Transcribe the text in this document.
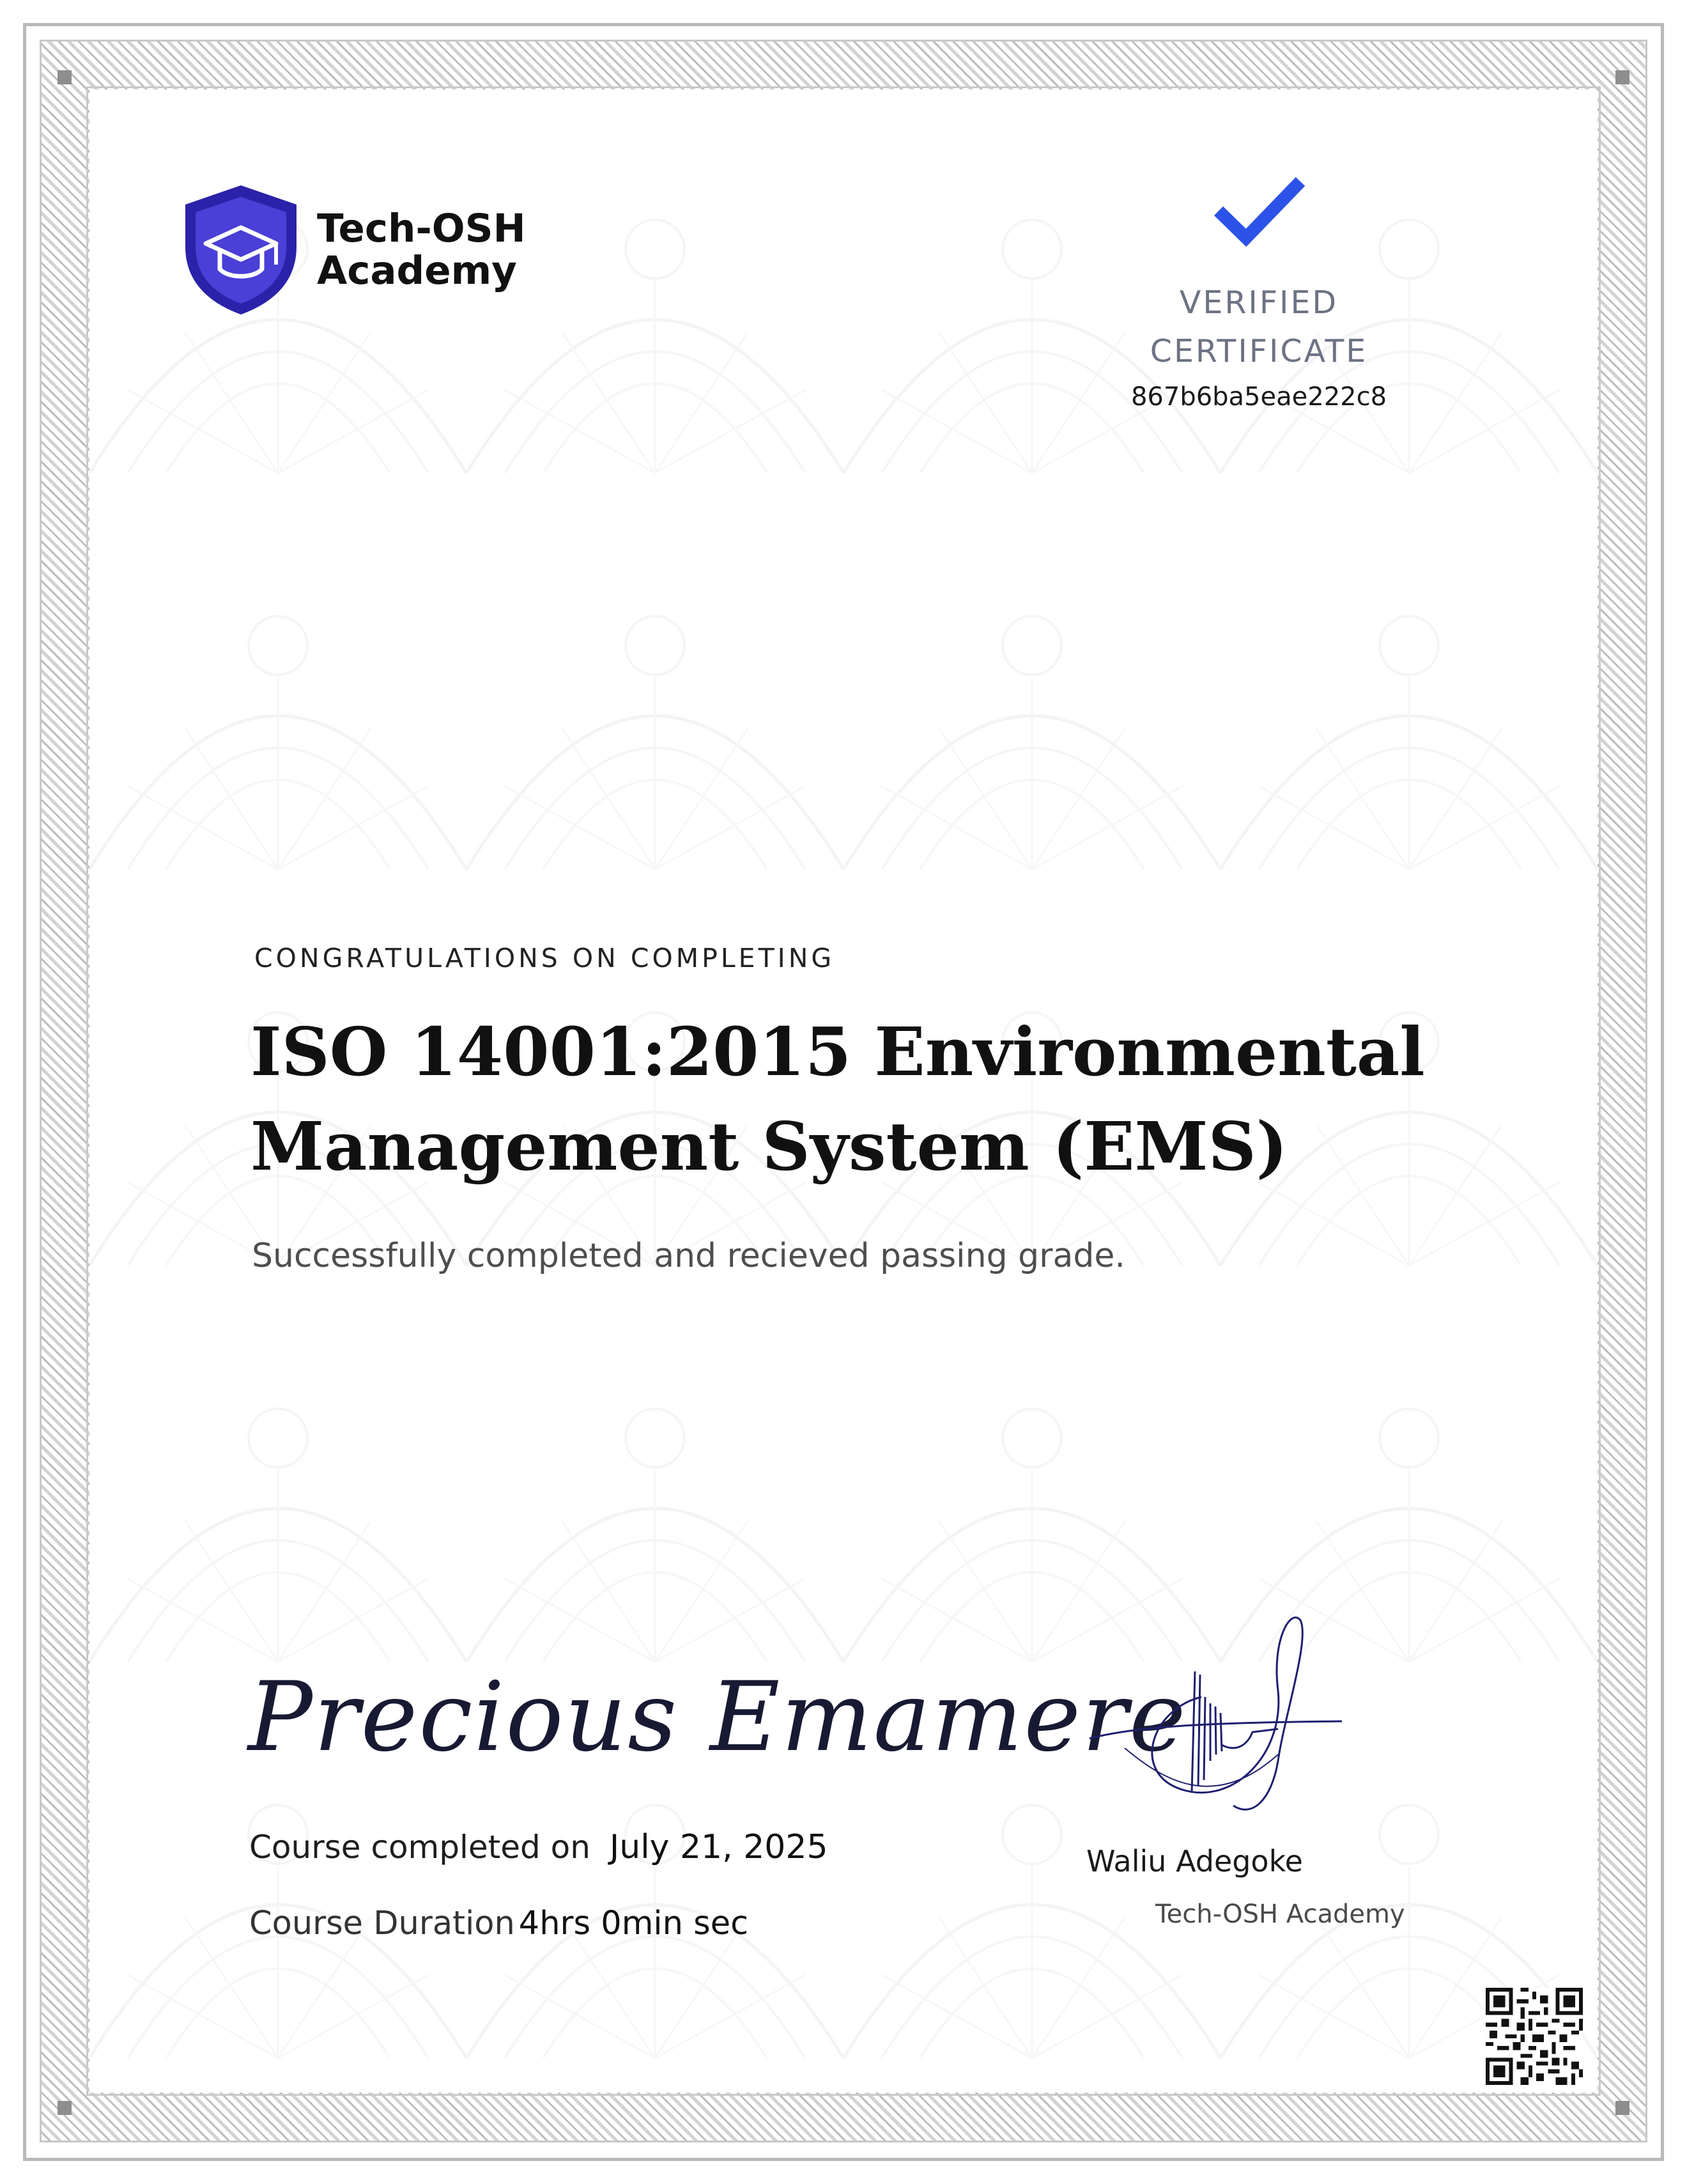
Tech-OSH
Academy
VERIFIED
CERTIFICATE
867b6ba5eae222c8
CONGRATULATIONS ON COMPLETING
ISO 14001:2015 Environmental
Management System (EMS)
Successfully completed and recieved passing grade.
Precious Emamere
Course completed on July 21, 2025
Course Duration 4hrs 0min sec
Waliu Adegoke
Tech-OSH Academy
